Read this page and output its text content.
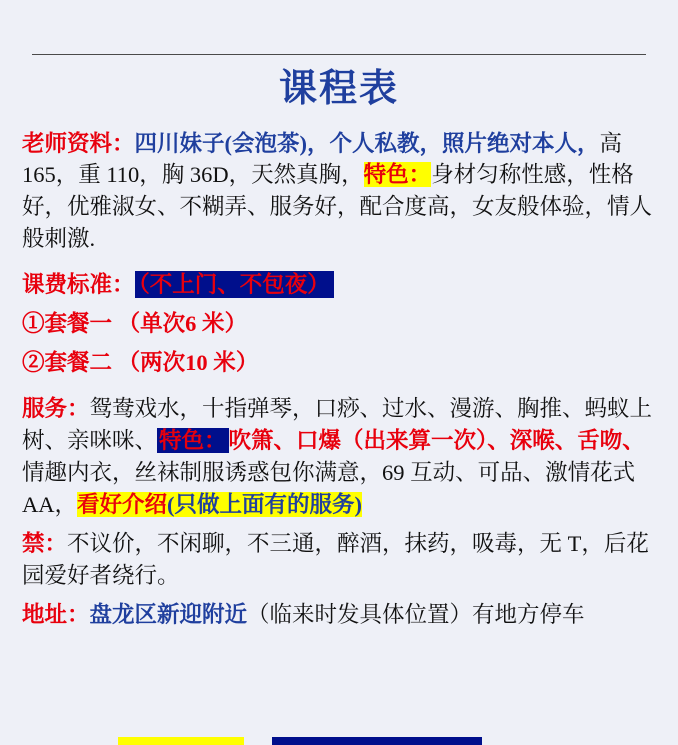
课程表

老师资料：四川妹子(会泡茶)，个人私教，照片绝对本人，高 165，重 110，胸 36D，天然真胸，特色：身材匀称性感，性格好，优雅淑女、不糊弄、服务好，配合度高，女友般体验，情人般刺激.

课费标准： （不上门、不包夜）

①套餐一 （单次6 米）

②套餐二 （两次10 米）

服务：鸳鸯戏水，十指弹琴，口痧、过水、漫游、胸推、蚂蚁上树、亲咪咪、特色：吹箫、口爆（出来算一次）、深喉、舌吻、情趣内衣，丝袜制服诱惑包你满意，69 互动、可品、激情花式 AA，看好介绍(只做上面有的服务)

禁：不议价，不闲聊，不三通，醉酒，抹药，吸毒，无 T，后花园爱好者绕行。

地址：盘龙区新迎附近（临来时发具体位置）有地方停车
